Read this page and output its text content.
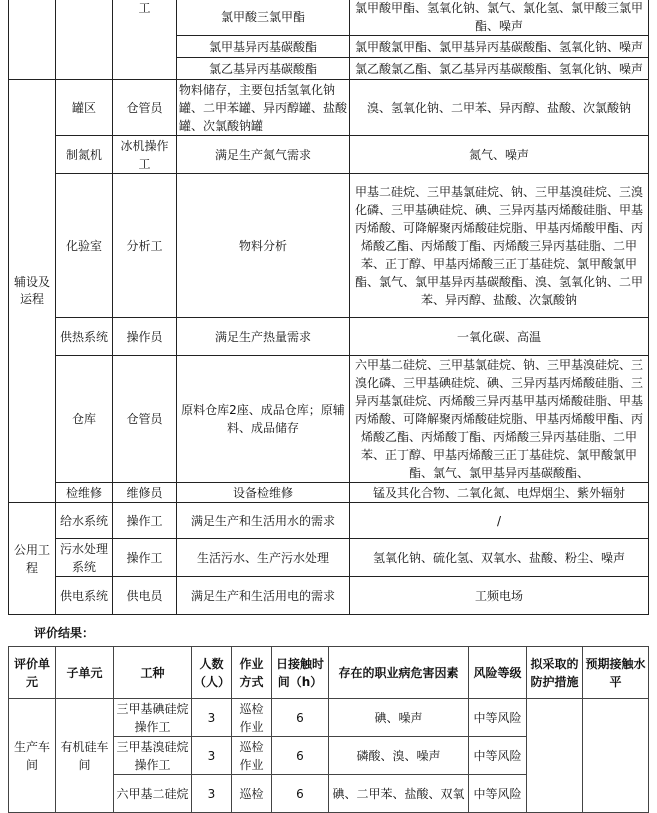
		工	氯甲酸三氯甲酯	氯甲酸甲酯、氢氧化钠、氯气、氯化氢、氯甲酸三氯甲酯、噪声
			氯甲基异丙基碳酸酯	氯甲酸氯甲酯、氯甲基异丙基碳酸酯、氢氧化钠、噪声
			氯乙基异丙基碳酸酯	氯乙酸氯乙酯、氯乙基异丙基碳酸酯、氢氧化钠、噪声
辅设及运程	罐区	仓管员	物料储存，主要包括氢氧化钠罐、二甲苯罐、异丙醇罐、盐酸罐、次氯酸钠罐	溴、氢氧化钠、二甲苯、异丙醇、盐酸、次氯酸钠
	制氮机	冰机操作工	满足生产氮气需求	氮气、噪声
	化验室	分析工	物料分析	甲基二硅烷、三甲基氯硅烷、钠、三甲基溴硅烷、三溴化磷、三甲基碘硅烷、碘、三异丙基丙烯酸硅脂、甲基丙烯酸、可降解聚丙烯酸硅烷脂、甲基丙烯酸甲酯、丙烯酸乙酯、丙烯酸丁酯、丙烯酸三异丙基硅脂、二甲苯、正丁醇、甲基丙烯酸三正丁基硅烷、氯甲酸氯甲酯、氯气、氯甲基异丙基碳酸酯、溴、氢氧化钠、二甲苯、异丙醇、盐酸、次氯酸钠
	供热系统	操作员	满足生产热量需求	一氧化碳、高温
	仓库	仓管员	原料仓库2座、成品仓库；原辅料、成品储存	六甲基二硅烷、三甲基氯硅烷、钠、三甲基溴硅烷、三溴化磷、三甲基碘硅烷、碘、三异丙基丙烯酸硅脂、三异丙基氯硅烷、丙烯酸三异丙基甲基丙烯酸硅脂、甲基丙烯酸、可降解聚丙烯酸硅烷脂、甲基丙烯酸甲酯、丙烯酸乙酯、丙烯酸丁酯、丙烯酸三异丙基硅脂、二甲苯、正丁醇、甲基丙烯酸三正丁基硅烷、氯甲酸氯甲酯、氯气、氯甲基异丙基碳酸酯、
	检维修	维修员	设备检维修	锰及其化合物、二氧化氮、电焊烟尘、紫外辐射
公用工程	给水系统	操作工	满足生产和生活用水的需求	/
	污水处理系统	操作工	生活污水、生产污水处理	氢氧化钠、硫化氢、双氧水、盐酸、粉尘、噪声
	供电系统	供电员	满足生产和生活用电的需求	工频电场
评价结果：
评价单元	子单元	工种	人数（人）	作业方式	日接触时间（h）	存在的职业病危害因素	风险等级	拟采取的防护措施	预期接触水平
生产车间	有机硅车间	三甲基碘硅烷操作工	3	巡检作业	6	碘、噪声	中等风险		
		三甲基溴硅烷操作工	3	巡检作业	6	磷酸、溴、噪声	中等风险		
		六甲基二硅烷	3	巡检	6	碘、二甲苯、盐酸、双氧	中等风险		
